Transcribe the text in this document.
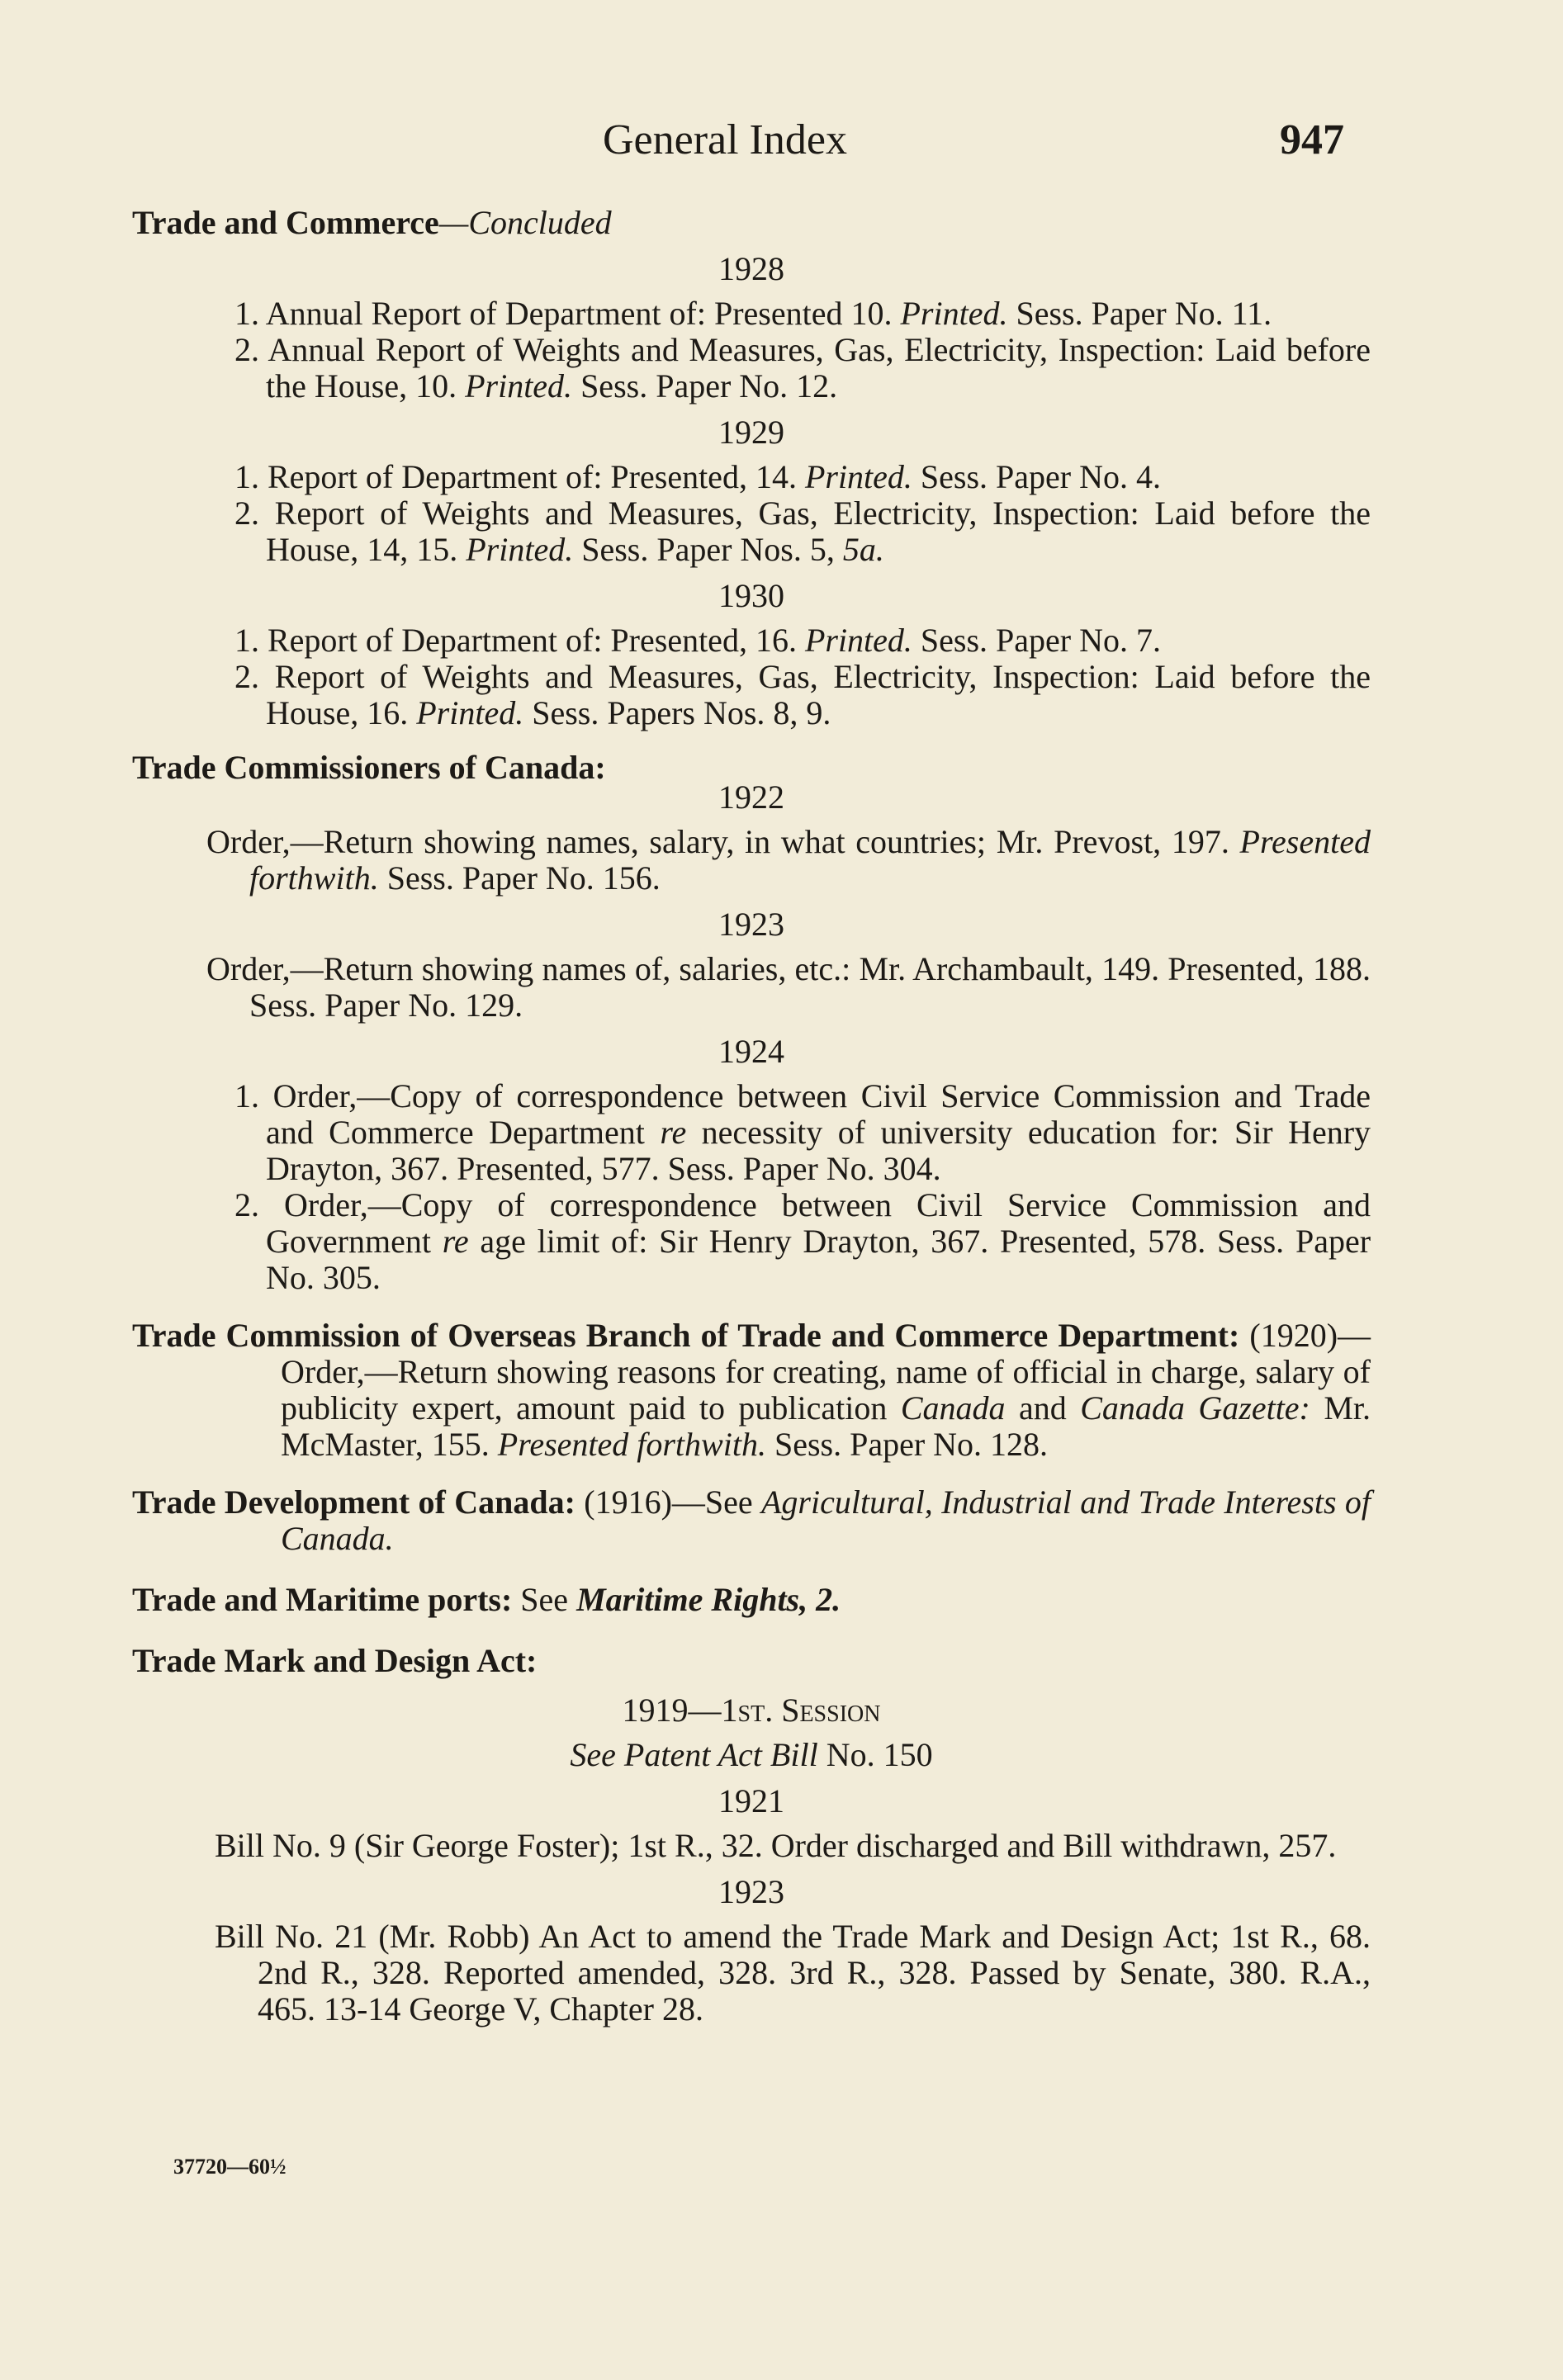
General Index	947
Trade and Commerce—Concluded
1928
1. Annual Report of Department of: Presented 10. Printed. Sess. Paper No. 11.
2. Annual Report of Weights and Measures, Gas, Electricity, Inspection: Laid before the House, 10. Printed. Sess. Paper No. 12.
1929
1. Report of Department of: Presented, 14. Printed. Sess. Paper No. 4.
2. Report of Weights and Measures, Gas, Electricity, Inspection: Laid before the House, 14, 15. Printed. Sess. Paper Nos. 5, 5a.
1930
1. Report of Department of: Presented, 16. Printed. Sess. Paper No. 7.
2. Report of Weights and Measures, Gas, Electricity, Inspection: Laid before the House, 16. Printed. Sess. Papers Nos. 8, 9.
Trade Commissioners of Canada:
1922
Order,—Return showing names, salary, in what countries; Mr. Prevost, 197. Presented forthwith. Sess. Paper No. 156.
1923
Order,—Return showing names of, salaries, etc.: Mr. Archambault, 149. Presented, 188. Sess. Paper No. 129.
1924
1. Order,—Copy of correspondence between Civil Service Commission and Trade and Commerce Department re necessity of university education for: Sir Henry Drayton, 367. Presented, 577. Sess. Paper No. 304.
2. Order,—Copy of correspondence between Civil Service Commission and Government re age limit of: Sir Henry Drayton, 367. Presented, 578. Sess. Paper No. 305.
Trade Commission of Overseas Branch of Trade and Commerce Department: (1920)—Order,—Return showing reasons for creating, name of official in charge, salary of publicity expert, amount paid to publication Canada and Canada Gazette: Mr. McMaster, 155. Presented forthwith. Sess. Paper No. 128.
Trade Development of Canada: (1916)—See Agricultural, Industrial and Trade Interests of Canada.
Trade and Maritime ports: See Maritime Rights, 2.
Trade Mark and Design Act:
1919—1st. Session
See Patent Act Bill No. 150
1921
Bill No. 9 (Sir George Foster); 1st R., 32. Order discharged and Bill withdrawn, 257.
1923
Bill No. 21 (Mr. Robb) An Act to amend the Trade Mark and Design Act; 1st R., 68. 2nd R., 328. Reported amended, 328. 3rd R., 328. Passed by Senate, 380. R.A., 465. 13-14 George V, Chapter 28.
37720—60½
